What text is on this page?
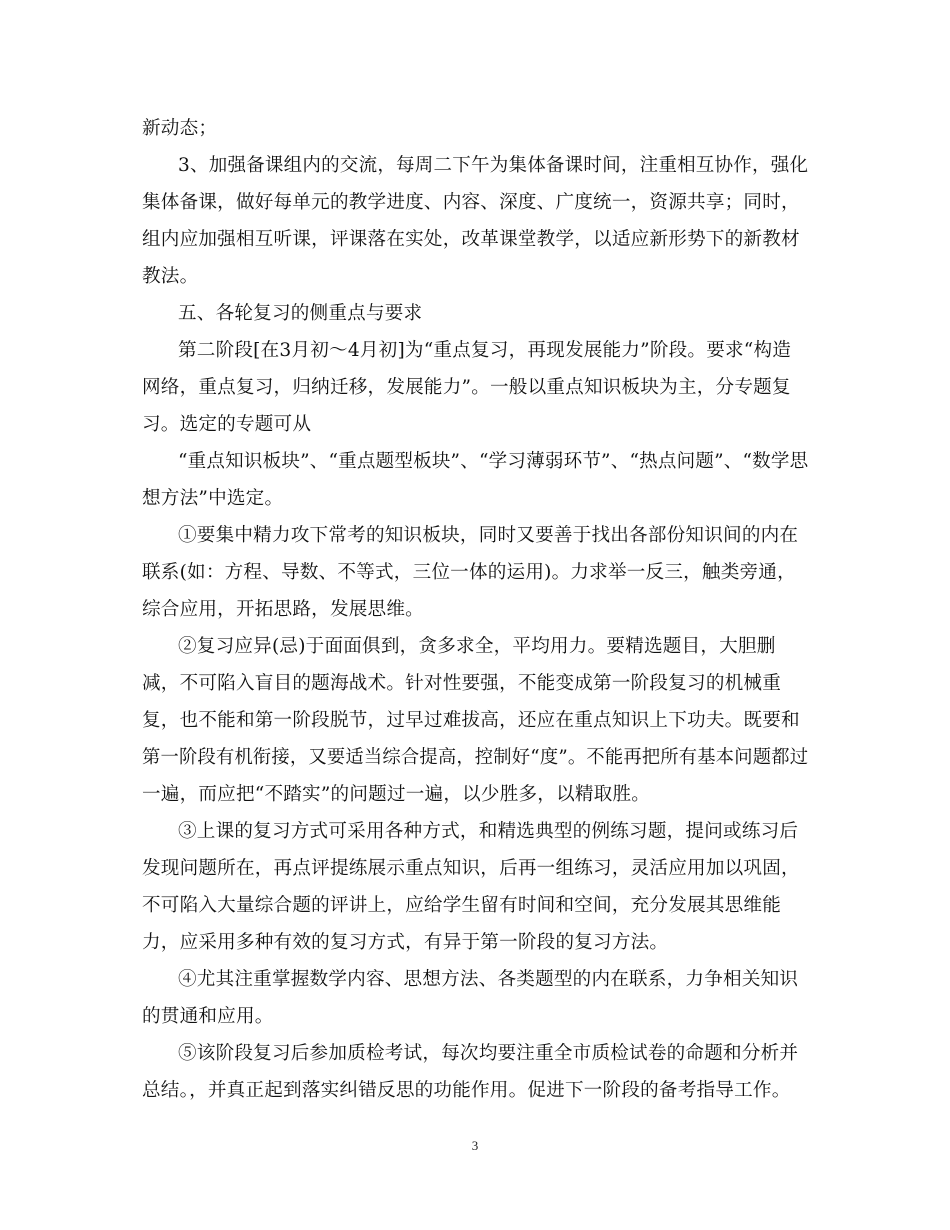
新动态；
3、加强备课组内的交流，每周二下午为集体备课时间，注重相互协作，强化
集体备课，做好每单元的教学进度、内容、深度、广度统一，资源共享；同时，
组内应加强相互听课，评课落在实处，改革课堂教学，以适应新形势下的新教材
教法。
五、各轮复习的侧重点与要求
第二阶段[在3月初～4月初]为“重点复习，再现发展能力”阶段。要求“构造
网络，重点复习，归纳迁移，发展能力”。一般以重点知识板块为主，分专题复
习。选定的专题可从
“重点知识板块”、“重点题型板块”、“学习薄弱环节”、“热点问题”、“数学思
想方法”中选定。
①要集中精力攻下常考的知识板块，同时又要善于找出各部份知识间的内在
联系(如：方程、导数、不等式，三位一体的运用)。力求举一反三，触类旁通，
综合应用，开拓思路，发展思维。
②复习应异(忌)于面面俱到，贪多求全，平均用力。要精选题目，大胆删
减，不可陷入盲目的题海战术。针对性要强，不能变成第一阶段复习的机械重
复，也不能和第一阶段脱节，过早过难拔高，还应在重点知识上下功夫。既要和
第一阶段有机衔接，又要适当综合提高，控制好“度”。不能再把所有基本问题都过
一遍，而应把“不踏实”的问题过一遍，以少胜多，以精取胜。
③上课的复习方式可采用各种方式，和精选典型的例练习题，提问或练习后
发现问题所在，再点评提练展示重点知识，后再一组练习，灵活应用加以巩固，
不可陷入大量综合题的评讲上，应给学生留有时间和空间，充分发展其思维能
力，应采用多种有效的复习方式，有异于第一阶段的复习方法。
④尤其注重掌握数学内容、思想方法、各类题型的内在联系，力争相关知识
的贯通和应用。
⑤该阶段复习后参加质检考试，每次均要注重全市质检试卷的命题和分析并
总结。，并真正起到落实纠错反思的功能作用。促进下一阶段的备考指导工作。
3
